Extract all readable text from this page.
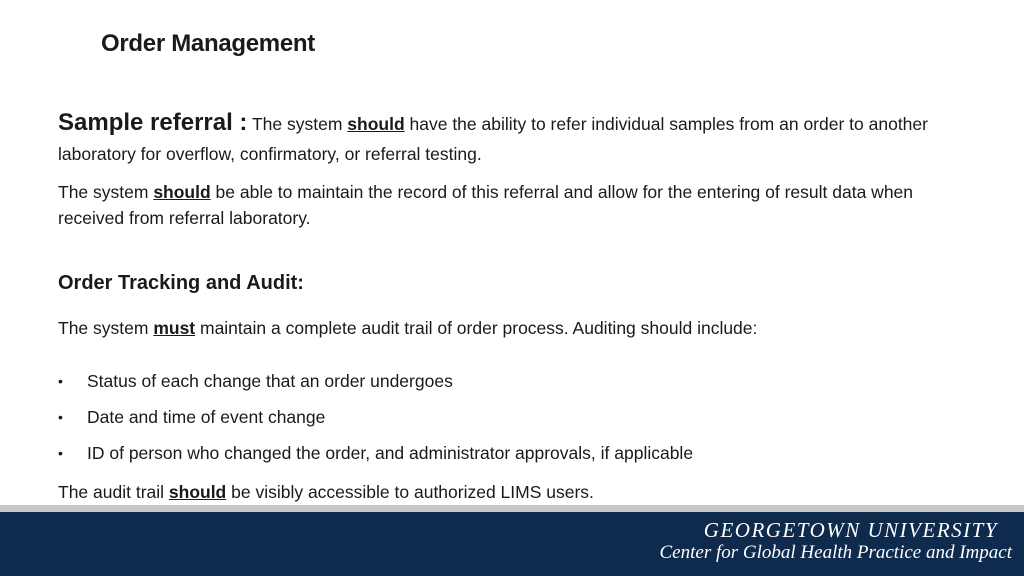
Order Management

Sample referral : The system should have the ability to refer individual samples from an order to another laboratory for overflow, confirmatory, or referral testing.

The system should be able to maintain the record of this referral and allow for the entering of result data when received from referral laboratory.

Order Tracking and Audit:
The system must maintain a complete audit trail of order process. Auditing should include:
• Status of each change that an order undergoes
• Date and time of event change
• ID of person who changed the order, and administrator approvals, if applicable
The audit trail should be visibly accessible to authorized LIMS users.
GEORGETOWN UNIVERSITY
Center for Global Health Practice and Impact
